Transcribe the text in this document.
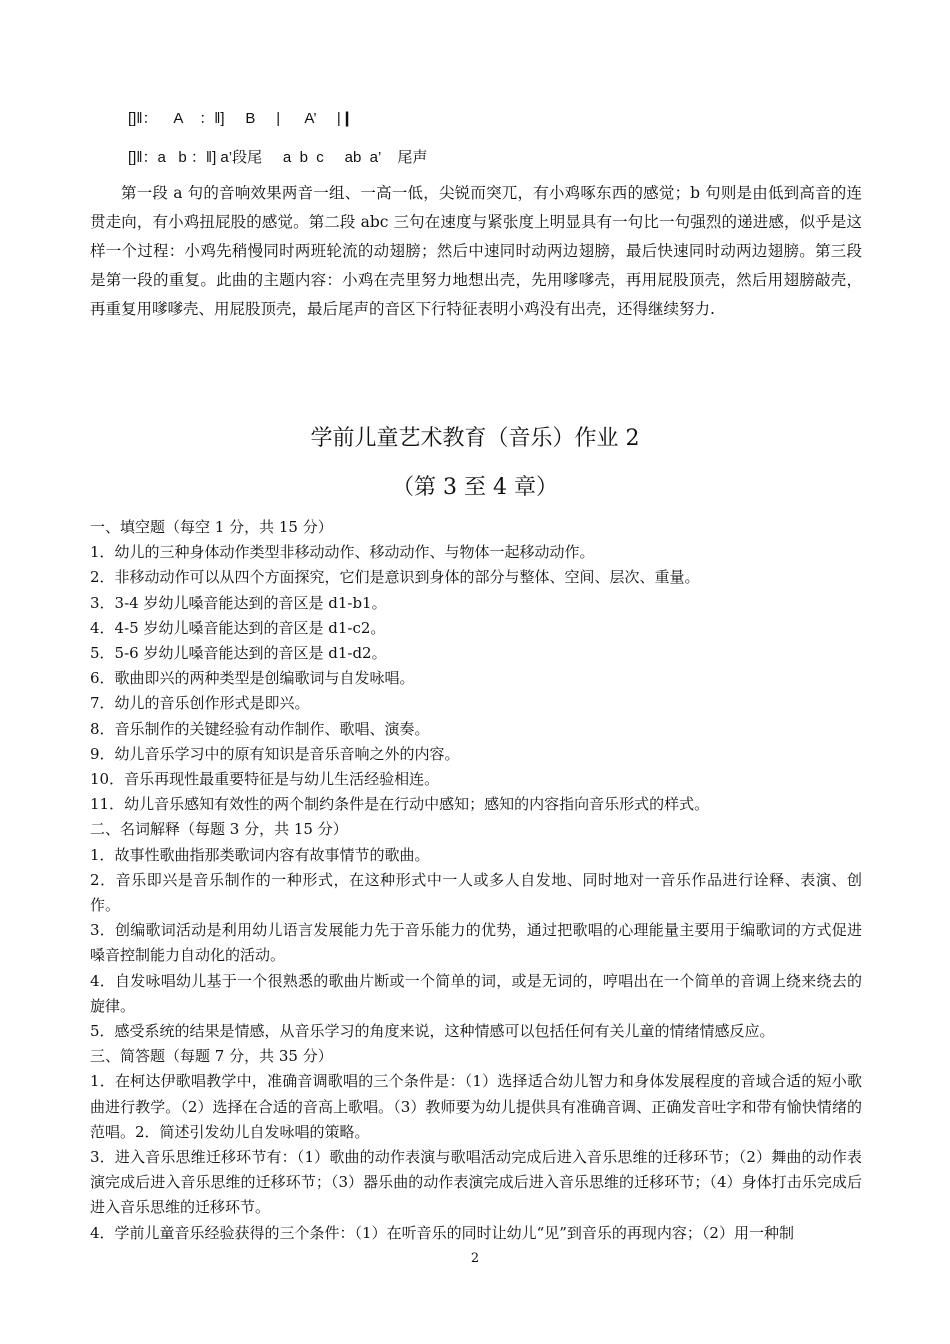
[]‖：    A    ：‖]     B     |      A’     |❙
[]‖：a   b ：‖] a’段尾     a  b  c     ab  a’    尾声
第一段 a 句的音响效果两音一组、一高一低，尖锐而突兀，有小鸡啄东西的感觉；b 句则是由低到高音的连贯走向，有小鸡扭屁股的感觉。第二段 abc 三句在速度与紧张度上明显具有一句比一句强烈的递进感，似乎是这样一个过程：小鸡先稍慢同时两班轮流的动翅膀；然后中速同时动两边翅膀，最后快速同时动两边翅膀。第三段是第一段的重复。此曲的主题内容：小鸡在壳里努力地想出壳，先用嗲嗲壳，再用屁股顶壳，然后用翅膀敲壳，再重复用嗲嗲壳、用屁股顶壳，最后尾声的音区下行特征表明小鸡没有出壳，还得继续努力.
学前儿童艺术教育（音乐）作业 2
（第 3 至 4 章）

一、填空题（每空 1 分，共 15 分）

1．幼儿的三种身体动作类型非移动动作、移动动作、与物体一起移动动作。

2．非移动动作可以从四个方面探究，它们是意识到身体的部分与整体、空间、层次、重量。

3．3-4 岁幼儿嗓音能达到的音区是 d1-b1。

4．4-5 岁幼儿嗓音能达到的音区是 d1-c2。

5．5-6 岁幼儿嗓音能达到的音区是 d1-d2。

6．歌曲即兴的两种类型是创编歌词与自发咏唱。

7．幼儿的音乐创作形式是即兴。

8．音乐制作的关键经验有动作制作、歌唱、演奏。

9．幼儿音乐学习中的原有知识是音乐音响之外的内容。

10．音乐再现性最重要特征是与幼儿生活经验相连。

11．幼儿音乐感知有效性的两个制约条件是在行动中感知；感知的内容指向音乐形式的样式。

二、名词解释（每题 3 分，共 15 分）

1．故事性歌曲指那类歌词内容有故事情节的歌曲。

2．音乐即兴是音乐制作的一种形式，在这种形式中一人或多人自发地、同时地对一音乐作品进行诠释、表演、创作。

3．创编歌词活动是利用幼儿语言发展能力先于音乐能力的优势，通过把歌唱的心理能量主要用于编歌词的方式促进嗓音控制能力自动化的活动。

4．自发咏唱幼儿基于一个很熟悉的歌曲片断或一个简单的词，或是无词的，哼唱出在一个简单的音调上绕来绕去的旋律。

5．感受系统的结果是情感，从音乐学习的角度来说，这种情感可以包括任何有关儿童的情绪情感反应。

三、简答题（每题 7 分，共 35 分）

1．在柯达伊歌唱教学中，准确音调歌唱的三个条件是：（1）选择适合幼儿智力和身体发展程度的音域合适的短小歌曲进行教学。（2）选择在合适的音高上歌唱。（3）教师要为幼儿提供具有准确音调、正确发音吐字和带有愉快情绪的范唱。2．简述引发幼儿自发咏唱的策略。

3．进入音乐思维迁移环节有：（1）歌曲的动作表演与歌唱活动完成后进入音乐思维的迁移环节；（2）舞曲的动作表演完成后进入音乐思维的迁移环节；（3）器乐曲的动作表演完成后进入音乐思维的迁移环节；（4）身体打击乐完成后进入音乐思维的迁移环节。

4．学前儿童音乐经验获得的三个条件：（1）在听音乐的同时让幼儿“见”到音乐的再现内容；（2）用一种制

2
